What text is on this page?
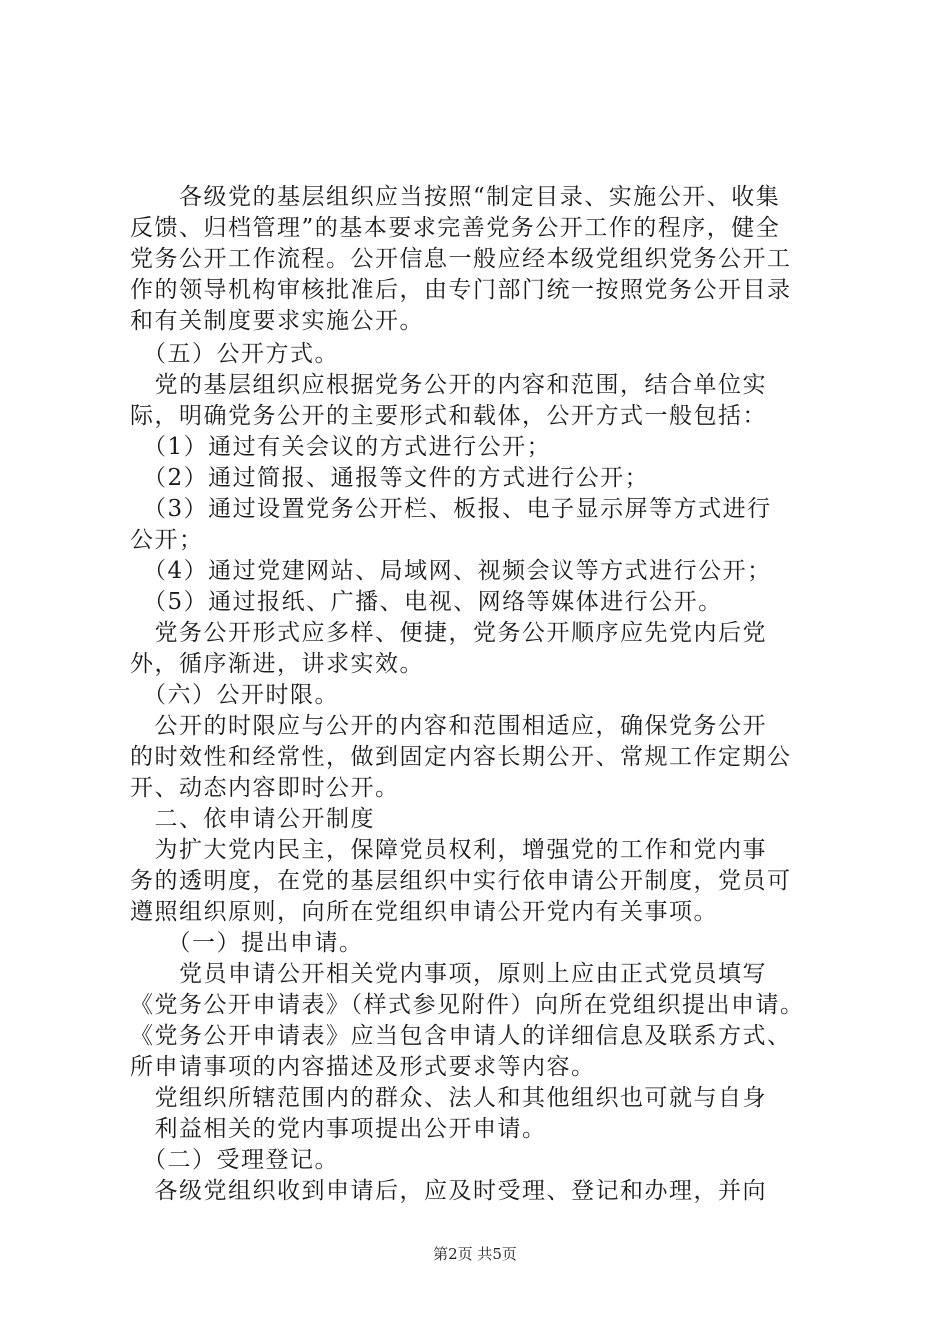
　　各级党的基层组织应当按照“制定目录、实施公开、收集
反馈、归档管理”的基本要求完善党务公开工作的程序，健全
党务公开工作流程。公开信息一般应经本级党组织党务公开工
作的领导机构审核批准后，由专门部门统一按照党务公开目录
和有关制度要求实施公开。
　（五）公开方式。
　党的基层组织应根据党务公开的内容和范围，结合单位实
际，明确党务公开的主要形式和载体，公开方式一般包括：
　（1）通过有关会议的方式进行公开；
　（2）通过简报、通报等文件的方式进行公开；
　（3）通过设置党务公开栏、板报、电子显示屏等方式进行
公开；
　（4）通过党建网站、局域网、视频会议等方式进行公开；
　（5）通过报纸、广播、电视、网络等媒体进行公开。
　党务公开形式应多样、便捷，党务公开顺序应先党内后党
外，循序渐进，讲求实效。
　（六）公开时限。
　公开的时限应与公开的内容和范围相适应，确保党务公开
的时效性和经常性，做到固定内容长期公开、常规工作定期公
开、动态内容即时公开。
　二、依申请公开制度
　为扩大党内民主，保障党员权利，增强党的工作和党内事
务的透明度，在党的基层组织中实行依申请公开制度，党员可
遵照组织原则，向所在党组织申请公开党内有关事项。
　　（一）提出申请。
　　党员申请公开相关党内事项，原则上应由正式党员填写
《党务公开申请表》（样式参见附件）向所在党组织提出申请。
《党务公开申请表》应当包含申请人的详细信息及联系方式、
所申请事项的内容描述及形式要求等内容。
　党组织所辖范围内的群众、法人和其他组织也可就与自身
　利益相关的党内事项提出公开申请。
　（二）受理登记。
　各级党组织收到申请后，应及时受理、登记和办理，并向
第2页 共5页
